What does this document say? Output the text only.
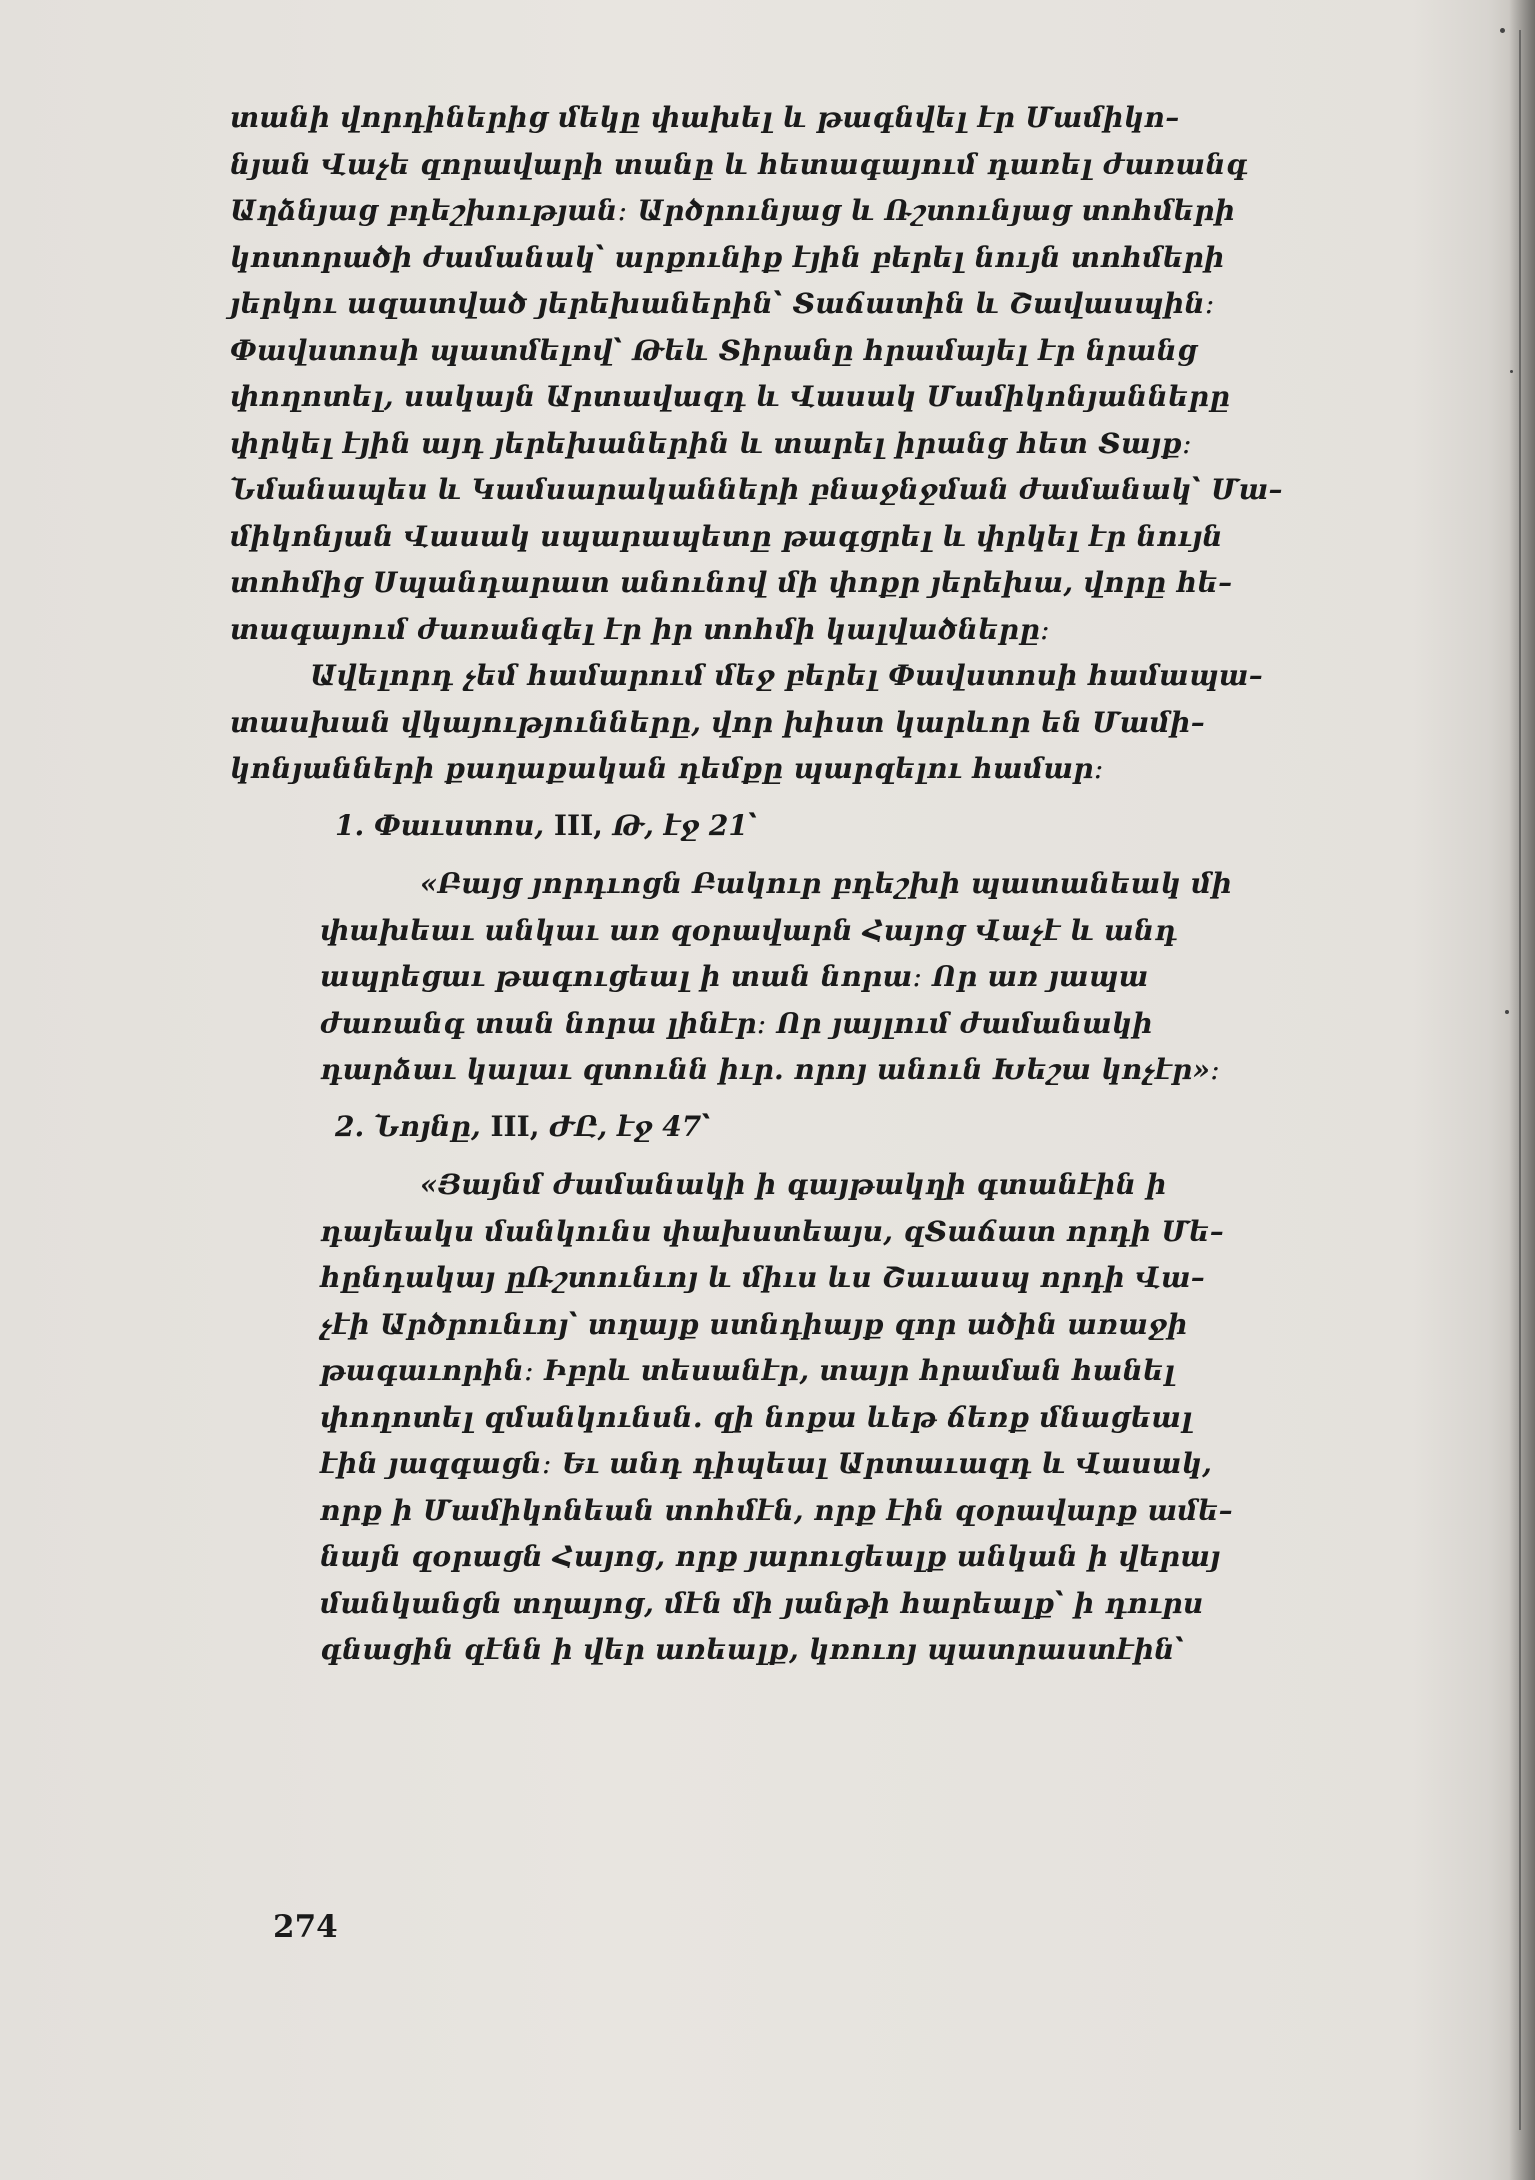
տանի վորդիներից մեկը փախել և թագնվել էր Մամիկո–
նյան Վաչե զորավարի տանը և հետագայում դառել ժառանգ
Աղձնյաց բդեշխության։ Արծրունյաց և Ռշտունյաց տոհմերի
կոտորածի ժամանակ՝ արքունիք էյին բերել նույն տոհմերի
յերկու ազատված յերեխաներին՝ Տաճատին և Շավասպին։
Փավստոսի պատմելով՝ Թեև Տիրանը հրամայել էր նրանց
փողոտել, սակայն Արտավազդ և Վասակ Մամիկոնյանները
փրկել էյին այդ յերեխաներին և տարել իրանց հետ Տայք։
Նմանապես և Կամսարականների բնաջնջման ժամանակ՝ Մա–
միկոնյան Վասակ սպարապետը թագցրել և փրկել էր նույն
տոհմից Սպանդարատ անունով մի փոքր յերեխա, վորը հե–
տագայում ժառանգել էր իր տոհմի կալվածները։
Ավելորդ չեմ համարում մեջ բերել Փավստոսի համապա–
տասխան վկայությունները, վոր խիստ կարևոր են Մամի–
կոնյանների քաղաքական դեմքը պարզելու համար։
1. Փաւստոս, III, Թ, էջ 21՝
«Բայց յորդւոցն Բակուր բդեշխի պատանեակ մի
փախեաւ անկաւ առ զօրավարն Հայոց Վաչէ և անդ
ապրեցաւ թագուցեալ ի տան նորա։ Որ առ յապա
ժառանգ տան նորա լինէր։ Որ յայլում ժամանակի
դարձաւ կալաւ զտունն իւր. որոյ անուն Խեշա կոչէր»։
2. Նոյնը, III, ԺԸ, էջ 47՝
«Յայնմ ժամանակի ի գայթակղի գտանէին ի
դայեակս մանկունս փախստեայս, զՏաճատ որդի Մե–
հընդակայ ըՌշտունւոյ և միւս ևս Շաւասպ որդի Վա–
չէի Արծրունւոյ՝ տղայք ստնդիայք զոր ածին առաջի
թագաւորին։ Իբրև տեսանէր, տայր հրաման հանել
փողոտել զմանկունսն. զի նոքա ևեթ ճեռք մնացեալ
էին յազգացն։ Եւ անդ դիպեալ Արտաւազդ և Վասակ,
որք ի Մամիկոնեան տոհմէն, որք էին զօրավարք ամե–
նայն զօրացն Հայոց, որք յարուցեալք անկան ի վերայ
մանկանցն տղայոց, մէն մի յանթի հարեալք՝ ի դուրս
գնացին զէնն ի վեր առեալք, կռուոյ պատրաստէին՝
274
